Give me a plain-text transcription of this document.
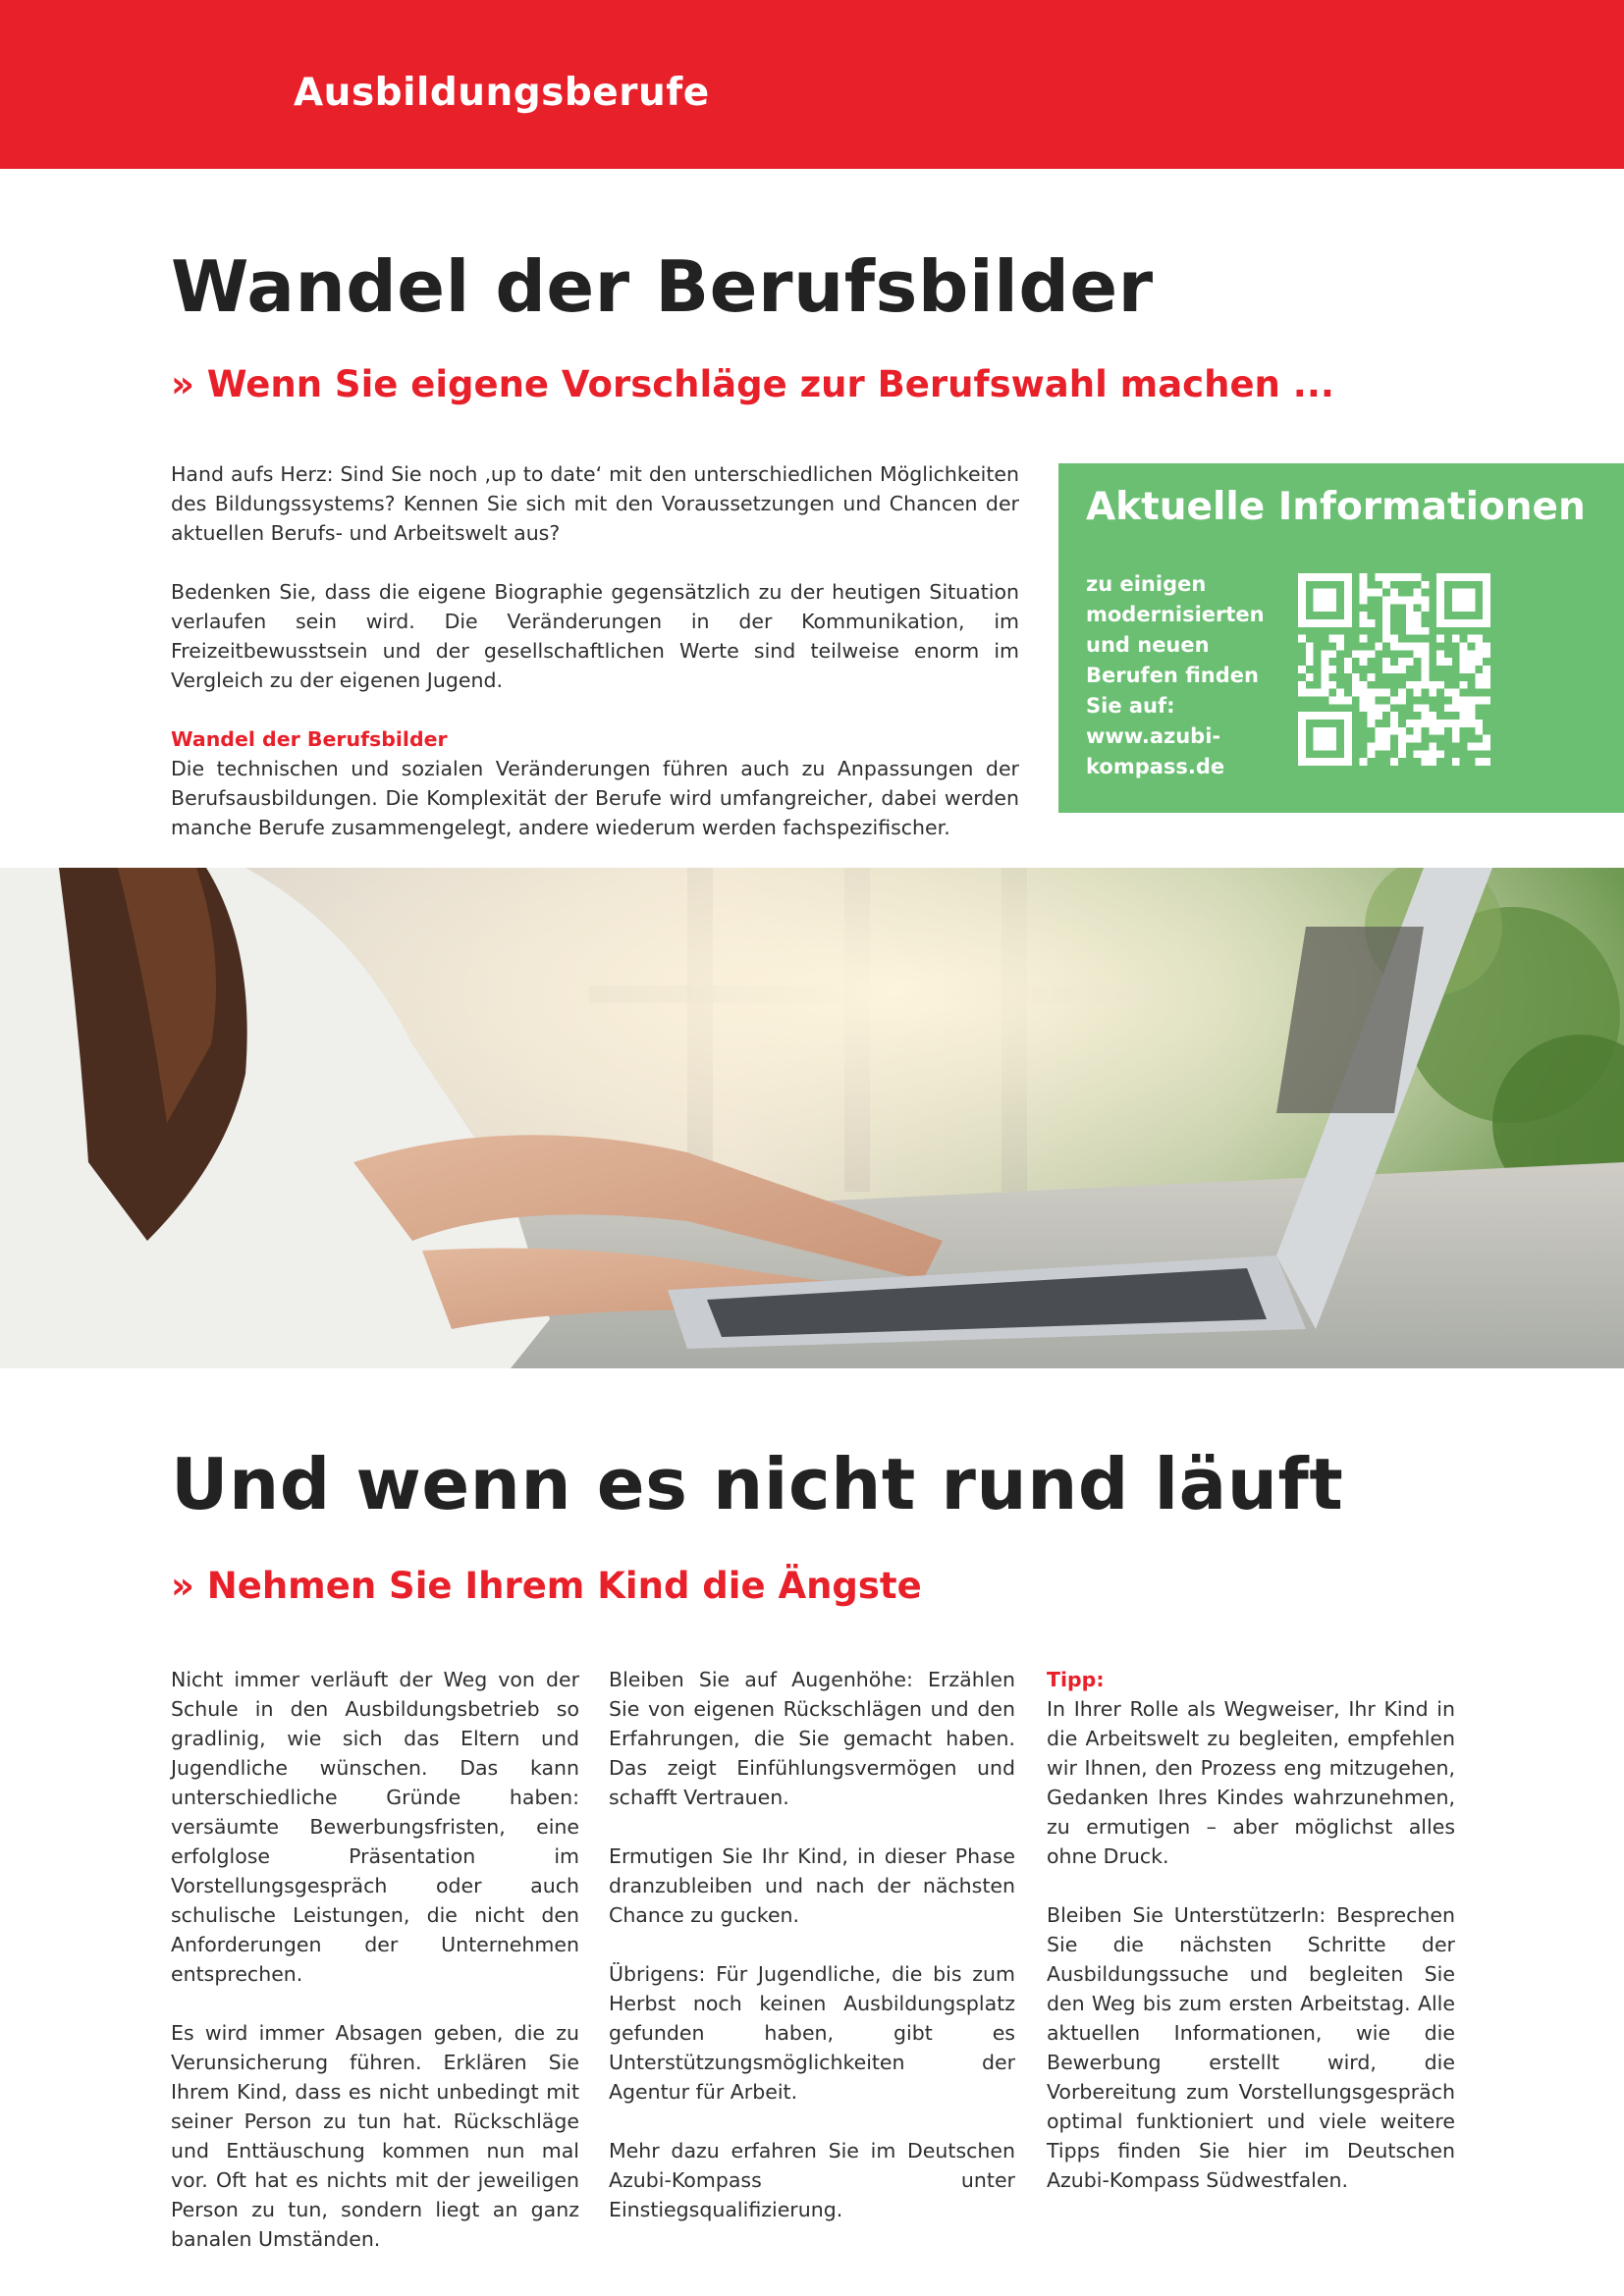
Ausbildungsberufe
Wandel der Berufsbilder
» Wenn Sie eigene Vorschläge zur Berufswahl machen ...

Hand aufs Herz: Sind Sie noch ‚up to date‘ mit den unterschiedlichen Möglichkeiten des Bildungssystems? Kennen Sie sich mit den Voraussetzungen und Chancen der aktuellen Berufs- und Arbeitswelt aus?

Bedenken Sie, dass die eigene Biographie gegensätzlich zu der heutigen Situation verlaufen sein wird. Die Veränderungen in der Kommunikation, im Freizeitbewusstsein und der gesellschaftlichen Werte sind teilweise enorm im Vergleich zu der eigenen Jugend.

Wandel der Berufsbilder
Die technischen und sozialen Veränderungen führen auch zu Anpassungen der Berufsausbildungen. Die Komplexität der Berufe wird umfangreicher, dabei werden manche Berufe zusammengelegt, andere wiederum werden fachspezifischer.

Aktuelle Informationen
zu einigen
modernisierten
und neuen
Berufen finden
Sie auf:
www.azubi-
kompass.de
Und wenn es nicht rund läuft
» Nehmen Sie Ihrem Kind die Ängste

Nicht immer verläuft der Weg von der Schule in den Ausbildungsbetrieb so gradlinig, wie sich das Eltern und Jugendliche wünschen. Das kann unterschiedliche Gründe haben: versäumte Bewerbungsfristen, eine erfolglose Präsentation im Vorstellungsgespräch oder auch schulische Leistungen, die nicht den Anforderungen der Unternehmen entsprechen.

Es wird immer Absagen geben, die zu Verunsicherung führen. Erklären Sie Ihrem Kind, dass es nicht unbedingt mit seiner Person zu tun hat. Rückschläge und Enttäuschung kommen nun mal vor. Oft hat es nichts mit der jeweiligen Person zu tun, sondern liegt an ganz banalen Umständen.

Bleiben Sie auf Augenhöhe: Erzählen Sie von eigenen Rückschlägen und den Erfahrungen, die Sie gemacht haben. Das zeigt Einfühlungsvermögen und schafft Vertrauen.

Ermutigen Sie Ihr Kind, in dieser Phase dranzubleiben und nach der nächsten Chance zu gucken.

Übrigens: Für Jugendliche, die bis zum Herbst noch keinen Ausbildungsplatz gefunden haben, gibt es Unterstützungsmöglichkeiten der Agentur für Arbeit.

Mehr dazu erfahren Sie im Deutschen Azubi-Kompass unter Einstiegsqualifizierung.

Tipp:
In Ihrer Rolle als Wegweiser, Ihr Kind in die Arbeitswelt zu begleiten, empfehlen wir Ihnen, den Prozess eng mitzugehen, Gedanken Ihres Kindes wahrzunehmen, zu ermutigen – aber möglichst alles ohne Druck.

Bleiben Sie UnterstützerIn: Besprechen Sie die nächsten Schritte der Ausbildungssuche und begleiten Sie den Weg bis zum ersten Arbeitstag. Alle aktuellen Informationen, wie die Bewerbung erstellt wird, die Vorbereitung zum Vorstellungsgespräch optimal funktioniert und viele weitere Tipps finden Sie hier im Deutschen Azubi-Kompass Südwestfalen.
